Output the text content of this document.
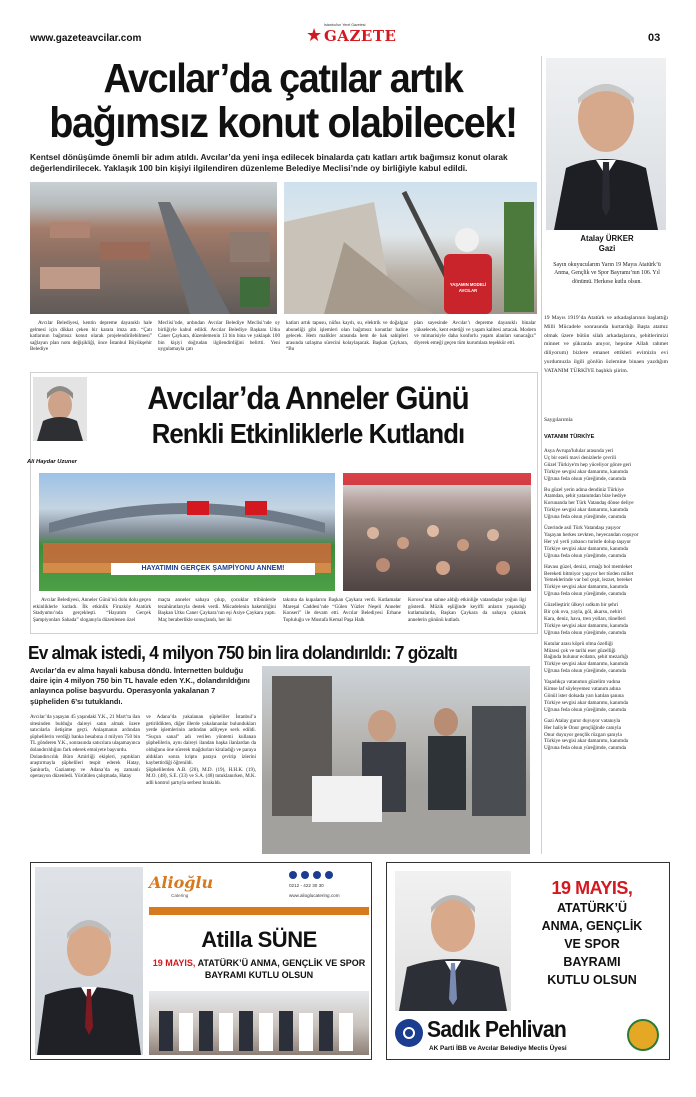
www.gazeteavcilar.com	★ GAZETE
İstanbul'un Yerel Gazetesi
03
Avcılar’da çatılar artık
bağımsız konut olabilecek!
Kentsel dönüşümde önemli bir adım atıldı. Avcılar’da yeni inşa edilecek binalarda çatı katları artık bağımsız konut olarak değerlendirilecek. Yaklaşık 100 bin kişiyi ilgilendiren düzenleme Belediye Meclisi’nde oy birliğiyle kabul edildi.
YAŞAMIN MODELİ AVCILAR
Avcılar Belediyesi, kentin depreme dayanıklı hale gelmesi için dikkat çeken bir karara imza attı. “Çatı katlarının bağımsız konut olarak projelendirilebilmesi” sağlayan plan notu değişikliği, önce İstanbul Büyükşehir Belediye
Meclisi’nde, ardından Avcılar Belediye Meclisi’nde oy birliğiyle kabul edildi. Avcılar Belediye Başkanı Utku Caner Çaykara, düzenlemenin 13 bin bina ve yaklaşık 100 bin kişiyi doğrudan ilgilendirdiğini belirtti. Yeni uygulamayla çatı
katları artık tapusu, nüfus kaydı, su, elektrik ve doğalgaz aboneliği gibi işlemleri olan bağımsız konutlar haline gelecek. Hem malikler arasında hem de hak sahipleri arasında uzlaşma sürecini kolaylaşacak. Başkan Çaykara, “Bu
plan sayesinde Avcılar’ı depreme dayanıklı binalar yükselecek, kent estetiği ve yaşam kalitesi artacak. Modern ve mimarisiyle daha konforlu yaşam alanları sunacağız” diyerek emeği geçen tüm kurumlara teşekkür etti.
Atalay ÜRKER
Gazi
Sayın okuyucularım Yarın 19 Mayıs Atatürk’ü Anma, Gençlik ve Spor Bayramı’nın 106. Yıl dönümü. Herkese kutlu olsun.
19 Mayıs 1919’da Atatürk ve arkadaşlarının başlattığı Milli Mücadele sonrasında kurtardığı Başta atamız olmak üzere bütün silah arkadaşlarını, şehitlerimizi minnet ve şükranla anıyor, hepsine Allah rahmet diliyorum) bizlere emanet ettikleri evimizin evi yurdumuzla ilgili gönlün özlemine binaen yazdığım VATANIM TÜRKİYE başlıklı şiirim.
Saygılarımla
VATANIM TÜRKİYE
Asya Avrupa'lulular arasında yeri
Uç bir ezeli mavi denizlerle çevrili
Güzel Türkiye'm hep yüceliyor gönre geri
Türkiye sevgisi akar damarımı, kanımda
Uğruna feda olsun yüreğimde, canımda
Bu güzel yerin adına dendiniz Türkiye
Atamdan, şehit yatanımdan bize hediye
Korunanda her Türk Vatandaş dönse deliye
Türkiye sevgisi akar damarımı, kanımda
Uğruna feda olsun yüreğimde, canımda
Üzerinde asil Türk Vatandaşı yaşıyor
Yaşayan herkes zevkten, heyecandan coşuyor
Her yıl yerli yabancı turistle dolup taşıyor
Türkiye sevgisi akar damarımı, kanımda
Uğruna feda olsun yüreğimde, canımda
Havası güzel, denizi, ırmağı bol memleket
Bereketi bitmiyor yaşıyor her türden millet
Yemeklerinde var bol çeşit, lezzet, bereket
Türkiye sevgisi akar damarımı, kanımda
Uğruna feda olsun yüreğimde, canımda
Güzelleştirir ülkeyi sıdkım bir şehri
Bir çok ova, yayla, göl, akarsu, nehiri
Kara, deniz, hava, tren yolları, tünelleri
Türkiye sevgisi akar damarımı, kanımda
Uğruna feda olsun yüreğimde, canımda
Kutular arası köprü olma özelliği
Müzesi çok ve tarihi eser güzelliği
Bağında bulunur ecdatın, şehit mezarlığı
Türkiye sevgisi akar damarımı, kanımda
Uğruna feda olsun yüreğimde, canımda
Yaşadıkça vatanımın güzelim vadına
Kimse laf söyleyemez vatanım adına
Gönül ister dolsada yarı katılan şanına
Türkiye sevgisi akar damarımı, kanımda
Uğruna feda olsun yüreğimde, canımda
Gazi Atalay gurur duyuyor vatanıyla
Her haliyle Onur gençliğinde canıyla
Onur duyuyor gençlik rüzgarı şanıyla
Türkiye sevgisi akar damarımı, kanımda
Uğruna feda olsun yüreğimde, canımda
Ali Haydar Uzuner
Avcılar’da Anneler Günü
Renkli Etkinliklerle Kutlandı
HAYATIMIN GERÇEK ŞAMPİYONU ANNEM!
Avcılar Belediyesi, Anneler Günü’nü dolu dolu geçen etkinliklerle kutladı. İlk etkinlik Firuzköy Atatürk Stadyumu’nda gerçekleşti. “Hayatım Gerçek Şampiyonları Sahada” sloganıyla düzenlenen özel
maçta anneler sahaya çıkıp, çocuklar tribünlerde tezahüratlarıyla destek verdi. Mücadelenin hakemliğini Başkan Utku Caner Çaykara’nın eşi Asiye Çaykara yaptı. Maç beraberlikle sonuçlandı, her iki
takıma da kupalarını Başkan Çaykara verdi. Kutlamalar Mareşal Caddesi’nde “Gülen Yüzler Neşeli Anneler Konseri” ile devam etti. Avcılar Belediyesi Erhane Topluluğu ve Mustafa Kemal Paşa Halk
Korosu’nun sahne aldığı etkinliğe vatandaşlar yoğun ilgi gösterdi. Müzik eşliğinde keyifli anların yaşandığı kutlamalarda, Başkan Çaykara da sahaya çıkarak annelerin gününü kutladı.
Ev almak istedi, 4 milyon 750 bin lira dolandırıldı: 7 gözaltı
Avcılar’da ev alma hayali kabusa döndü. İnternetten bulduğu daire için 4 milyon 750 bin TL havale eden Y.K., dolandırıldığını anlayınca polise başvurdu. Operasyonla yakalanan 7 şüpheliden 6’sı tutuklandı.
Avcılar’da yaşayan 45 yaşındaki Y.K., 21 Mart’ta ilan sitesinden bulduğu daireyi satın almak üzere satıcılarla iletişime geçti. Anlaşmanın ardından şüphelilerin verdiği banka hesabına 4 milyon 750 bin TL gönderen Y.K., sonrasında satıcılara ulaşamayınca dolandırıldığını fark ederek emniyete başvurdu.
Dolandırıcılık Büro Amirliği ekipleri, yaptıkları araştırmayla şüphelileri tespit ederek Hatay, Şanlıurfa, Gaziantep ve Adana’da eş zamanlı operasyon düzenledi. Yürütülen çalışmada, Hatay
ve Adana’da yakalanan şüpheliler İstanbul’a getirildikten, diğer illerde yakalananlar bulundukları yerde işlemlerinin ardından adliyeye sevk edildi. “Suçun sanal” adı verilen yöntemi kullanan şüphelilerin, aynı daireyi ilandan başka ilanlardan da olduğunu öne sürerek mağdurları kiraladığı ve paraya aldıkları sonra kripto paraya çevirip izlerini kaybettirdiği öğrenildi.
Şüphelilerden A.B. (20), M.D. (19), H.H.K. (19), M.O. (48), S.E. (33) ve S.A. (48) tutuklanırken, M.K. adli kontrol şartıyla serbest bırakıldı.
Alioğlu
Catering
0212 - 422 30 30
www.alioglucatering.com
Atilla SÜNE
19 MAYIS, ATATÜRK’Ü ANMA, GENÇLİK VE SPOR BAYRAMI KUTLU OLSUN
19 MAYIS,
ATATÜRK’Ü
ANMA, GENÇLİK
VE SPOR
BAYRAMI
KUTLU OLSUN
Sadık Pehlivan
AK Parti İBB ve Avcılar Belediye Meclis Üyesi
